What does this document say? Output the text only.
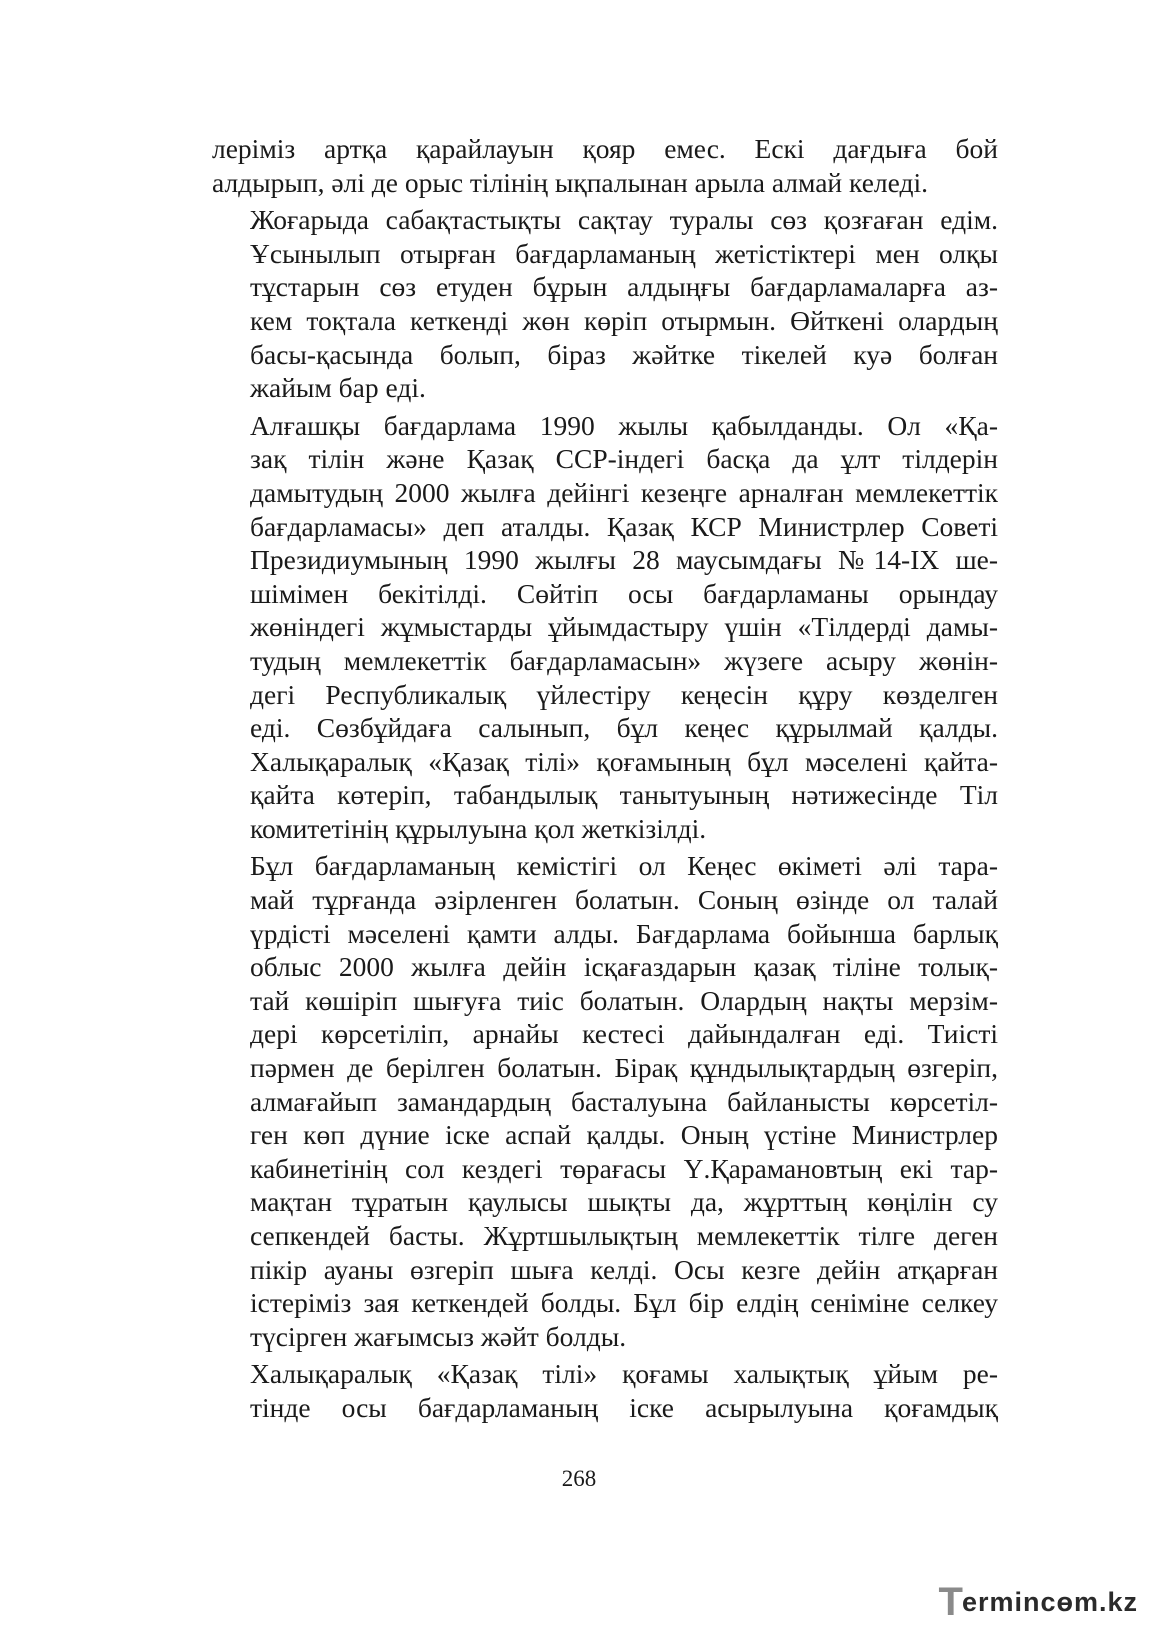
леріміз артқа қарайлауын қояр емес. Ескі дағдыға бой
алдырып, әлі де орыс тілінің ықпалынан арыла алмай келеді.

Жоғарыда сабақтастықты сақтау туралы сөз қозғаған едім.
Ұсынылып отырған бағдарламаның жетістіктері мен олқы
тұстарын сөз етуден бұрын алдыңғы бағдарламаларға аз-
кем тоқтала кеткенді жөн көріп отырмын. Өйткені олардың
басы-қасында болып, біраз жәйтке тікелей куә болған
жайым бар еді.

Алғашқы бағдарлама 1990 жылы қабылданды. Ол «Қа-
зақ тілін және Қазақ ССР-індегі басқа да ұлт тілдерін
дамытудың 2000 жылға дейінгі кезеңге арналған мемлекеттік
бағдарламасы» деп аталды. Қазақ КСР Министрлер Советі
Президиумының 1990 жылғы 28 маусымдағы №14-IX ше-
шімімен бекітілді. Сөйтіп осы бағдарламаны орындау
жөніндегі жұмыстарды ұйымдастыру үшін «Тілдерді дамы-
тудың мемлекеттік бағдарламасын» жүзеге асыру жөнін-
дегі Республикалық үйлестіру кеңесін құру көзделген
еді. Сөзбұйдаға салынып, бұл кеңес құрылмай қалды.
Халықаралық «Қазақ тілі» қоғамының бұл мәселені қайта-
қайта көтеріп, табандылық танытуының нәтижесінде Тіл
комитетінің құрылуына қол жеткізілді.

Бұл бағдарламаның кемістігі ол Кеңес өкіметі әлі тара-
май тұрғанда әзірленген болатын. Соның өзінде ол талай
үрдісті мәселені қамти алды. Бағдарлама бойынша барлық
облыс 2000 жылға дейін ісқағаздарын қазақ тіліне толық-
тай көшіріп шығуға тиіс болатын. Олардың нақты мерзім-
дері көрсетіліп, арнайы кестесі дайындалған еді. Тиісті
пәрмен де берілген болатын. Бірақ құндылықтардың өзгеріп,
алмағайып замандардың басталуына байланысты көрсетіл-
ген көп дүние іске аспай қалды. Оның үстіне Министрлер
кабинетінің сол кездегі төрағасы Ү.Қарамановтың екі тар-
мақтан тұратын қаулысы шықты да, жұрттың көңілін су
сепкендей басты. Жұртшылықтың мемлекеттік тілге деген
пікір ауаны өзгеріп шыға келді. Осы кезге дейін атқарған
істеріміз зая кеткендей болды. Бұл бір елдің сеніміне селкеу
түсірген жағымсыз жәйт болды.

Халықаралық «Қазақ тілі» қоғамы халықтық ұйым ре-
тінде осы бағдарламаның іске асырылуына қоғамдық

268
T
ermincөm.kz
